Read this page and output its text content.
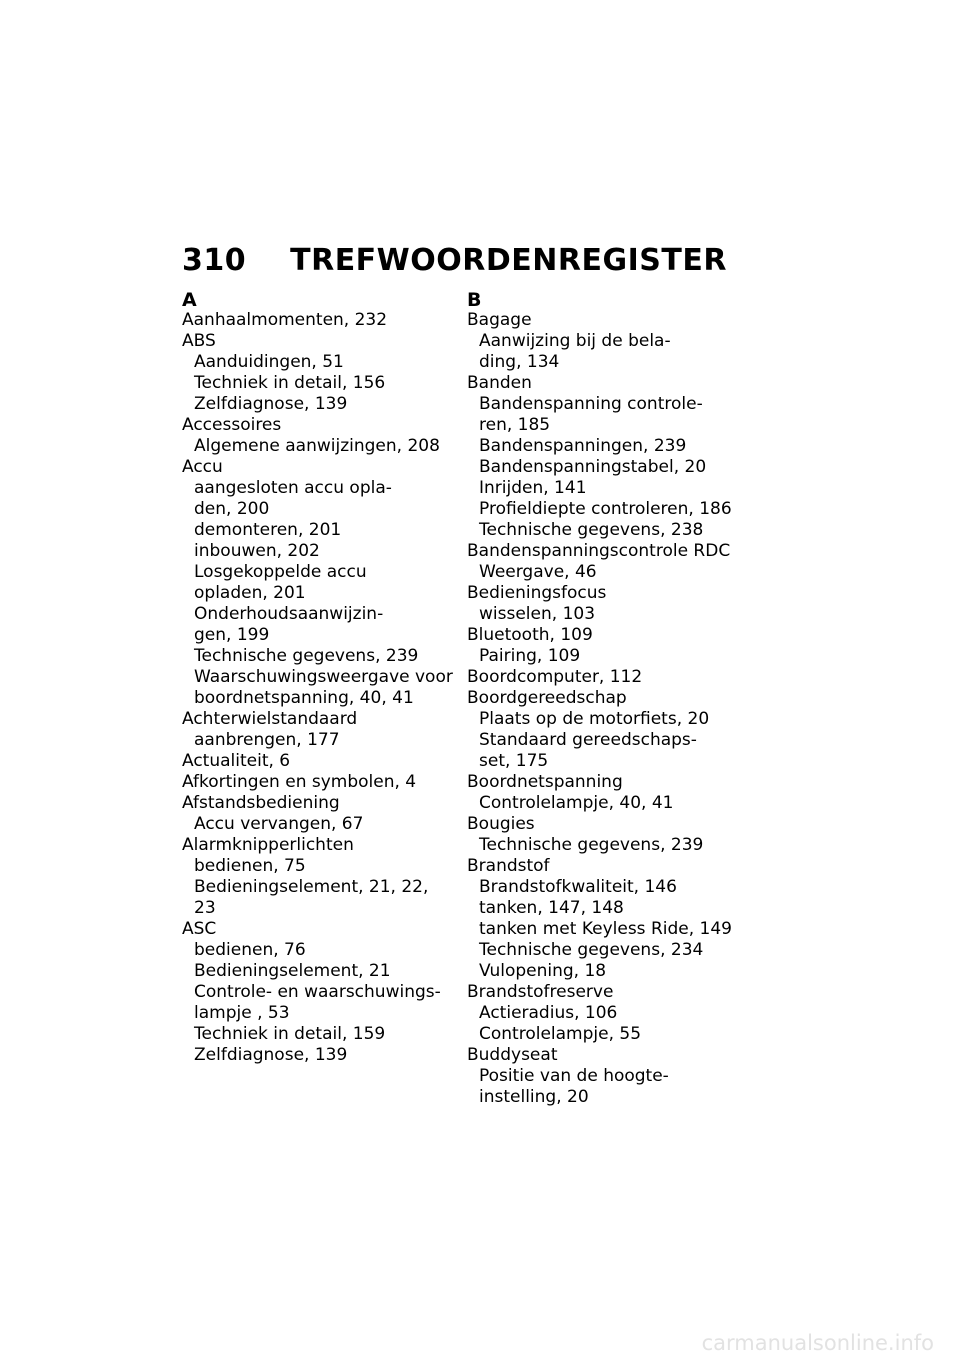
310 TREFWOORDENREGISTER
A
Aanhaalmomenten, 232
ABS
Aanduidingen, 51
Techniek in detail, 156
Zelfdiagnose, 139
Accessoires
Algemene aanwijzingen, 208
Accu
aangesloten accu opla-
den, 200
demonteren, 201
inbouwen, 202
Losgekoppelde accu
opladen, 201
Onderhoudsaanwijzin-
gen, 199
Technische gegevens, 239
Waarschuwingsweergave voor
boordnetspanning, 40, 41
Achterwielstandaard
aanbrengen, 177
Actualiteit, 6
Afkortingen en symbolen, 4
Afstandsbediening
Accu vervangen, 67
Alarmknipperlichten
bedienen, 75
Bedieningselement, 21, 22,
23
ASC
bedienen, 76
Bedieningselement, 21
Controle- en waarschuwings-
lampje , 53
Techniek in detail, 159
Zelfdiagnose, 139
B
Bagage
Aanwijzing bij de bela-
ding, 134
Banden
Bandenspanning controle-
ren, 185
Bandenspanningen, 239
Bandenspanningstabel, 20
Inrijden, 141
Profieldiepte controleren, 186
Technische gegevens, 238
Bandenspanningscontrole RDC
Weergave, 46
Bedieningsfocus
wisselen, 103
Bluetooth, 109
Pairing, 109
Boordcomputer, 112
Boordgereedschap
Plaats op de motorfiets, 20
Standaard gereedschaps-
set, 175
Boordnetspanning
Controlelampje, 40, 41
Bougies
Technische gegevens, 239
Brandstof
Brandstofkwaliteit, 146
tanken, 147, 148
tanken met Keyless Ride, 149
Technische gegevens, 234
Vulopening, 18
Brandstofreserve
Actieradius, 106
Controlelampje, 55
Buddyseat
Positie van de hoogte-
instelling, 20
carmanualsonline.info
